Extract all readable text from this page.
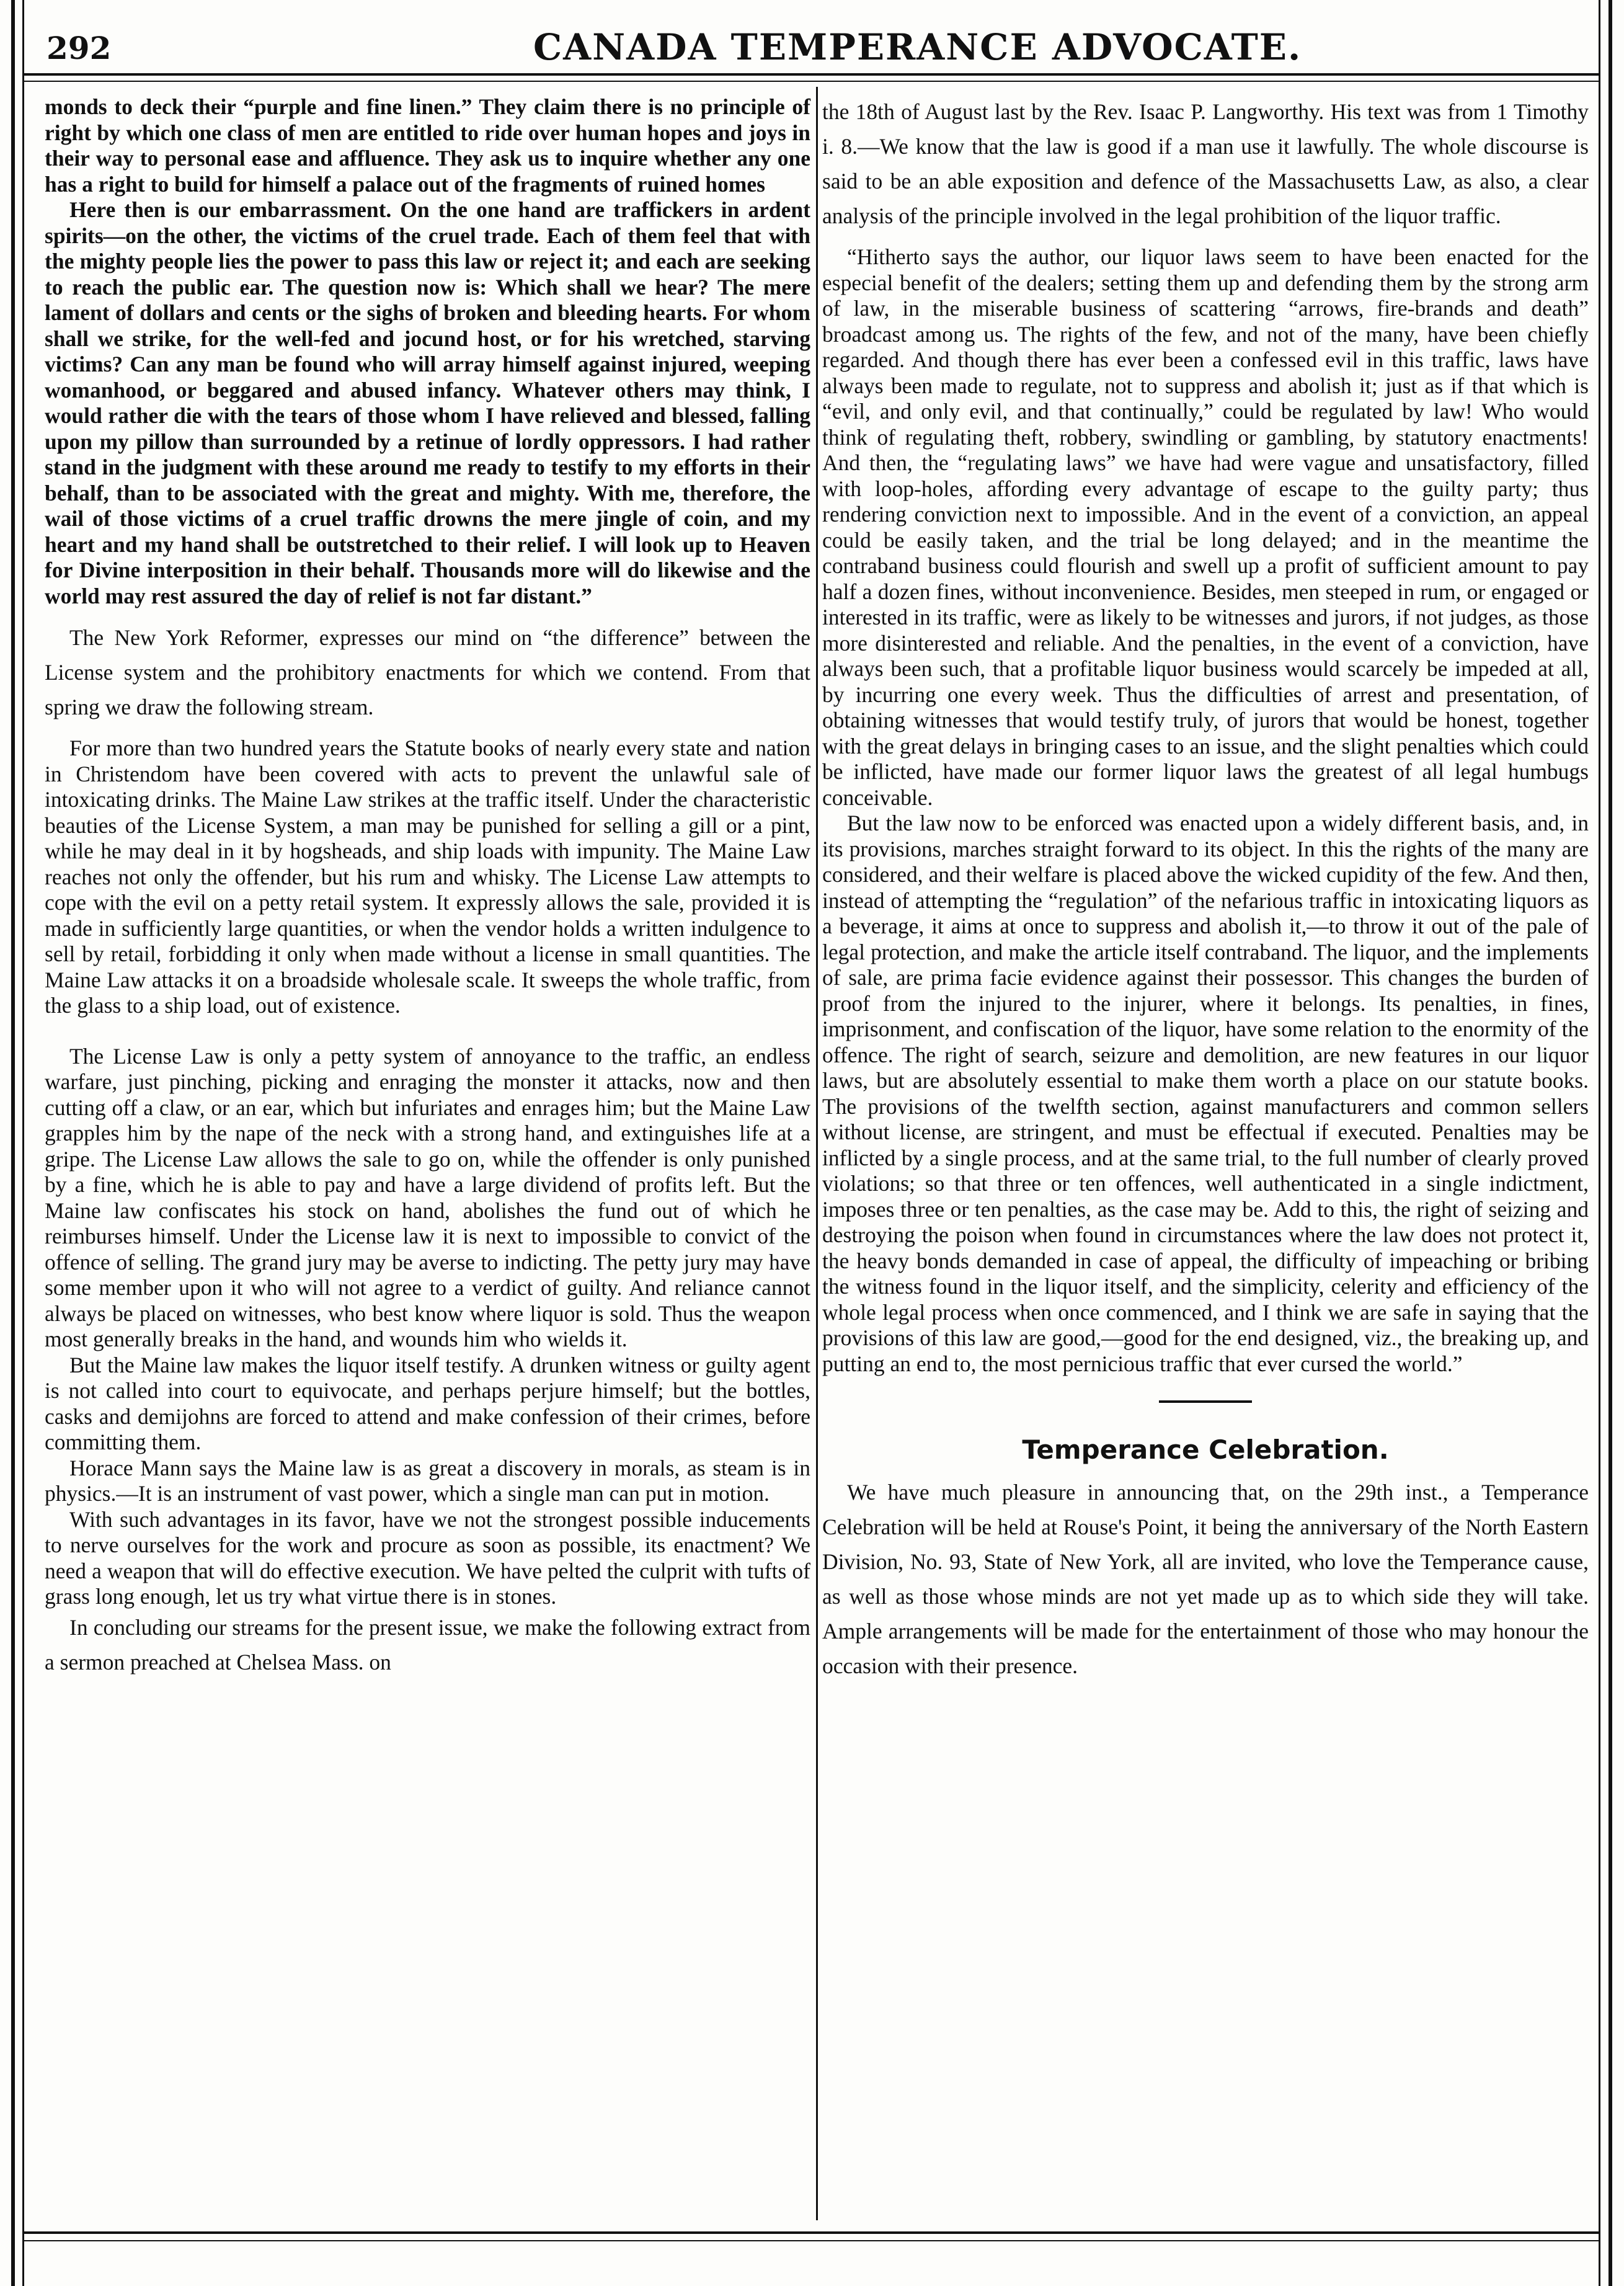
292	CANADA TEMPERANCE ADVOCATE.

monds to deck their “purple and fine linen.” They claim there is no principle of right by which one class of men are entitled to ride over human hopes and joys in their way to personal ease and affluence. They ask us to inquire whether any one has a right to build for himself a palace out of the fragments of ruined homes

Here then is our embarrassment. On the one hand are traffickers in ardent spirits—on the other, the victims of the cruel trade. Each of them feel that with the mighty people lies the power to pass this law or reject it; and each are seeking to reach the public ear. The question now is: Which shall we hear? The mere lament of dollars and cents or the sighs of broken and bleeding hearts. For whom shall we strike, for the well-fed and jocund host, or for his wretched, starving victims? Can any man be found who will array himself against injured, weeping womanhood, or beggared and abused infancy. Whatever others may think, I would rather die with the tears of those whom I have relieved and blessed, falling upon my pillow than surrounded by a retinue of lordly oppressors. I had rather stand in the judgment with these around me ready to testify to my efforts in their behalf, than to be associated with the great and mighty. With me, therefore, the wail of those victims of a cruel traffic drowns the mere jingle of coin, and my heart and my hand shall be outstretched to their relief. I will look up to Heaven for Divine interposition in their behalf. Thousands more will do likewise and the world may rest assured the day of relief is not far distant.”

The New York Reformer, expresses our mind on “the difference” between the License system and the prohibitory enactments for which we contend. From that spring we draw the following stream.

For more than two hundred years the Statute books of nearly every state and nation in Christendom have been covered with acts to prevent the unlawful sale of intoxicating drinks. The Maine Law strikes at the traffic itself. Under the characteristic beauties of the License System, a man may be punished for selling a gill or a pint, while he may deal in it by hogsheads, and ship loads with impunity. The Maine Law reaches not only the offender, but his rum and whisky. The License Law attempts to cope with the evil on a petty retail system. It expressly allows the sale, provided it is made in sufficiently large quantities, or when the vendor holds a written indulgence to sell by retail, forbidding it only when made without a license in small quantities. The Maine Law attacks it on a broadside wholesale scale. It sweeps the whole traffic, from the glass to a ship load, out of existence.

The License Law is only a petty system of annoyance to the traffic, an endless warfare, just pinching, picking and enraging the monster it attacks, now and then cutting off a claw, or an ear, which but infuriates and enrages him; but the Maine Law grapples him by the nape of the neck with a strong hand, and extinguishes life at a gripe. The License Law allows the sale to go on, while the offender is only punished by a fine, which he is able to pay and have a large dividend of profits left. But the Maine law confiscates his stock on hand, abolishes the fund out of which he reimburses himself. Under the License law it is next to impossible to convict of the offence of selling. The grand jury may be averse to indicting. The petty jury may have some member upon it who will not agree to a verdict of guilty. And reliance cannot always be placed on witnesses, who best know where liquor is sold. Thus the weapon most generally breaks in the hand, and wounds him who wields it.

But the Maine law makes the liquor itself testify. A drunken witness or guilty agent is not called into court to equivocate, and perhaps perjure himself; but the bottles, casks and demijohns are forced to attend and make confession of their crimes, before committing them.

Horace Mann says the Maine law is as great a discovery in morals, as steam is in physics.—It is an instrument of vast power, which a single man can put in motion.

With such advantages in its favor, have we not the strongest possible inducements to nerve ourselves for the work and procure as soon as possible, its enactment? We need a weapon that will do effective execution. We have pelted the culprit with tufts of grass long enough, let us try what virtue there is in stones.

In concluding our streams for the present issue, we make the following extract from a sermon preached at Chelsea Mass. on

the 18th of August last by the Rev. Isaac P. Langworthy. His text was from 1 Timothy i. 8.—We know that the law is good if a man use it lawfully. The whole discourse is said to be an able exposition and defence of the Massachusetts Law, as also, a clear analysis of the principle involved in the legal prohibition of the liquor traffic.

“Hitherto says the author, our liquor laws seem to have been enacted for the especial benefit of the dealers; setting them up and defending them by the strong arm of law, in the miserable business of scattering “arrows, fire-brands and death” broadcast among us. The rights of the few, and not of the many, have been chiefly regarded. And though there has ever been a confessed evil in this traffic, laws have always been made to regulate, not to suppress and abolish it; just as if that which is “evil, and only evil, and that continually,” could be regulated by law! Who would think of regulating theft, robbery, swindling or gambling, by statutory enactments! And then, the “regulating laws” we have had were vague and unsatisfactory, filled with loop-holes, affording every advantage of escape to the guilty party; thus rendering conviction next to impossible. And in the event of a conviction, an appeal could be easily taken, and the trial be long delayed; and in the meantime the contraband business could flourish and swell up a profit of sufficient amount to pay half a dozen fines, without inconvenience. Besides, men steeped in rum, or engaged or interested in its traffic, were as likely to be witnesses and jurors, if not judges, as those more disinterested and reliable. And the penalties, in the event of a conviction, have always been such, that a profitable liquor business would scarcely be impeded at all, by incurring one every week. Thus the difficulties of arrest and presentation, of obtaining witnesses that would testify truly, of jurors that would be honest, together with the great delays in bringing cases to an issue, and the slight penalties which could be inflicted, have made our former liquor laws the greatest of all legal humbugs conceivable.

But the law now to be enforced was enacted upon a widely different basis, and, in its provisions, marches straight forward to its object. In this the rights of the many are considered, and their welfare is placed above the wicked cupidity of the few. And then, instead of attempting the “regulation” of the nefarious traffic in intoxicating liquors as a beverage, it aims at once to suppress and abolish it,—to throw it out of the pale of legal protection, and make the article itself contraband. The liquor, and the implements of sale, are prima facie evidence against their possessor. This changes the burden of proof from the injured to the injurer, where it belongs. Its penalties, in fines, imprisonment, and confiscation of the liquor, have some relation to the enormity of the offence. The right of search, seizure and demolition, are new features in our liquor laws, but are absolutely essential to make them worth a place on our statute books. The provisions of the twelfth section, against manufacturers and common sellers without license, are stringent, and must be effectual if executed. Penalties may be inflicted by a single process, and at the same trial, to the full number of clearly proved violations; so that three or ten offences, well authenticated in a single indictment, imposes three or ten penalties, as the case may be. Add to this, the right of seizing and destroying the poison when found in circumstances where the law does not protect it, the heavy bonds demanded in case of appeal, the difficulty of impeaching or bribing the witness found in the liquor itself, and the simplicity, celerity and efficiency of the whole legal process when once commenced, and I think we are safe in saying that the provisions of this law are good,—good for the end designed, viz., the breaking up, and putting an end to, the most pernicious traffic that ever cursed the world.”

Temperance Celebration.

We have much pleasure in announcing that, on the 29th inst., a Temperance Celebration will be held at Rouse's Point, it being the anniversary of the North Eastern Division, No. 93, State of New York, all are invited, who love the Temperance cause, as well as those whose minds are not yet made up as to which side they will take. Ample arrangements will be made for the entertainment of those who may honour the occasion with their presence.
